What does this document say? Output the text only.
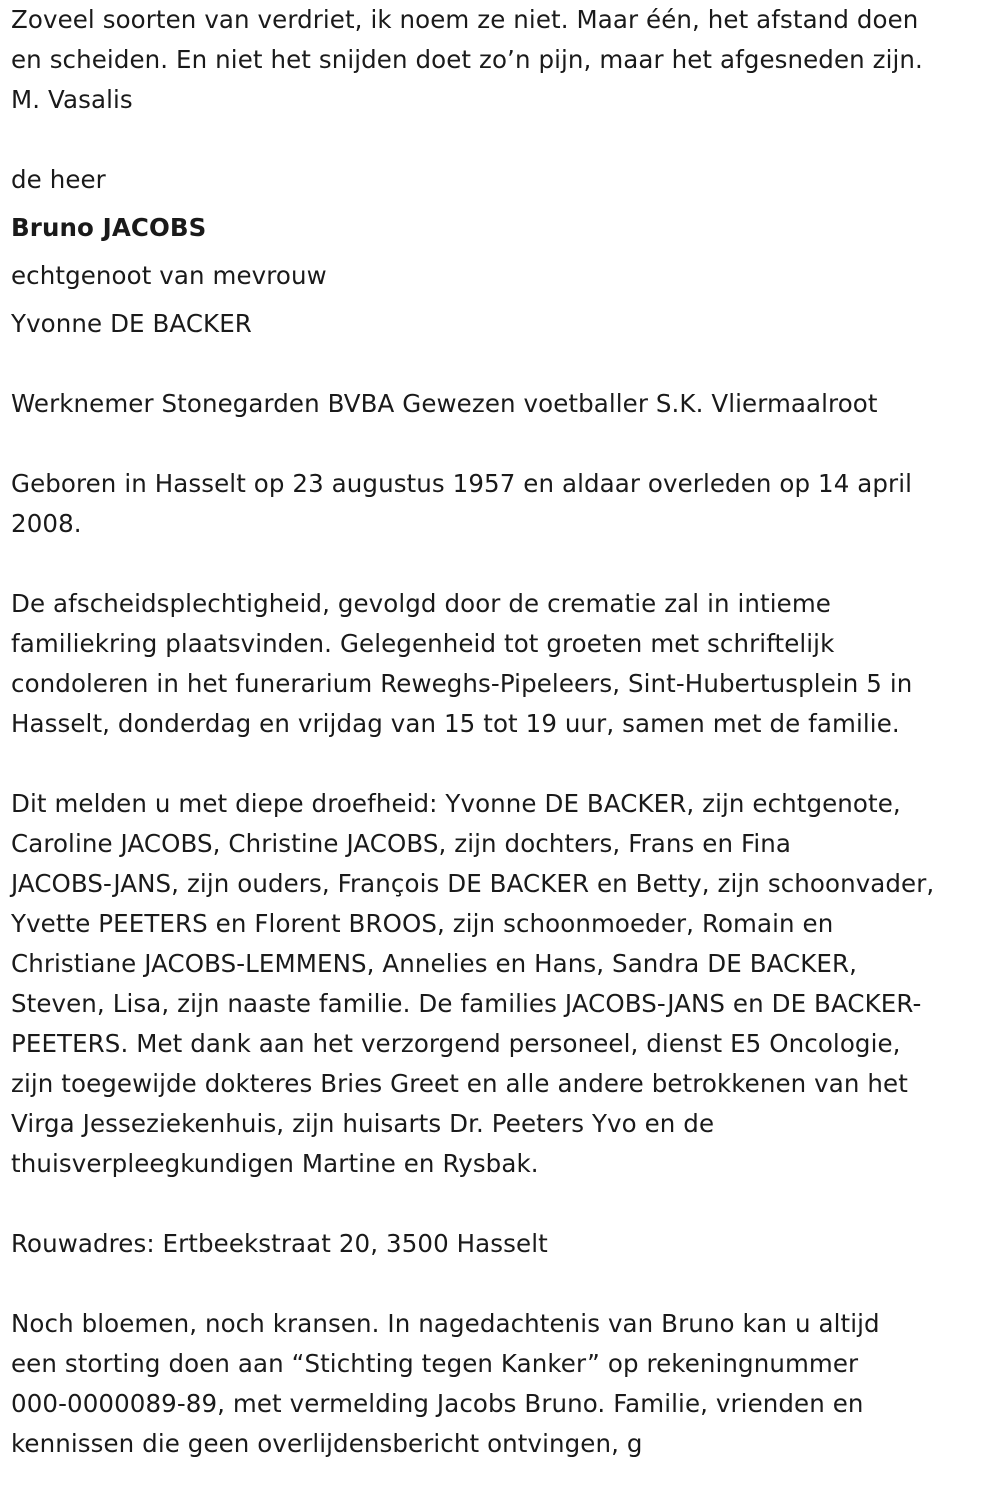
Zoveel soorten van verdriet, ik noem ze niet. Maar één, het afstand doen
en scheiden. En niet het snijden doet zo’n pijn, maar het afgesneden zijn.
M. Vasalis
de heer
Bruno JACOBS
echtgenoot van mevrouw
Yvonne DE BACKER
Werknemer Stonegarden BVBA Gewezen voetballer S.K. Vliermaalroot
Geboren in Hasselt op 23 augustus 1957 en aldaar overleden op 14 april
2008.
De afscheidsplechtigheid, gevolgd door de crematie zal in intieme
familiekring plaatsvinden. Gelegenheid tot groeten met schriftelijk
condoleren in het funerarium Reweghs-Pipeleers, Sint-Hubertusplein 5 in
Hasselt, donderdag en vrijdag van 15 tot 19 uur, samen met de familie.
Dit melden u met diepe droefheid: Yvonne DE BACKER, zijn echtgenote,
Caroline JACOBS, Christine JACOBS, zijn dochters, Frans en Fina
JACOBS-JANS, zijn ouders, François DE BACKER en Betty, zijn schoonvader,
Yvette PEETERS en Florent BROOS, zijn schoonmoeder, Romain en
Christiane JACOBS-LEMMENS, Annelies en Hans, Sandra DE BACKER,
Steven, Lisa, zijn naaste familie. De families JACOBS-JANS en DE BACKER-
PEETERS. Met dank aan het verzorgend personeel, dienst E5 Oncologie,
zijn toegewijde dokteres Bries Greet en alle andere betrokkenen van het
Virga Jesseziekenhuis, zijn huisarts Dr. Peeters Yvo en de
thuisverpleegkundigen Martine en Rysbak.
Rouwadres: Ertbeekstraat 20, 3500 Hasselt
Noch bloemen, noch kransen. In nagedachtenis van Bruno kan u altijd
een storting doen aan “Stichting tegen Kanker” op rekeningnummer
000-0000089-89, met vermelding Jacobs Bruno. Familie, vrienden en
kennissen die geen overlijdensbericht ontvingen, g
